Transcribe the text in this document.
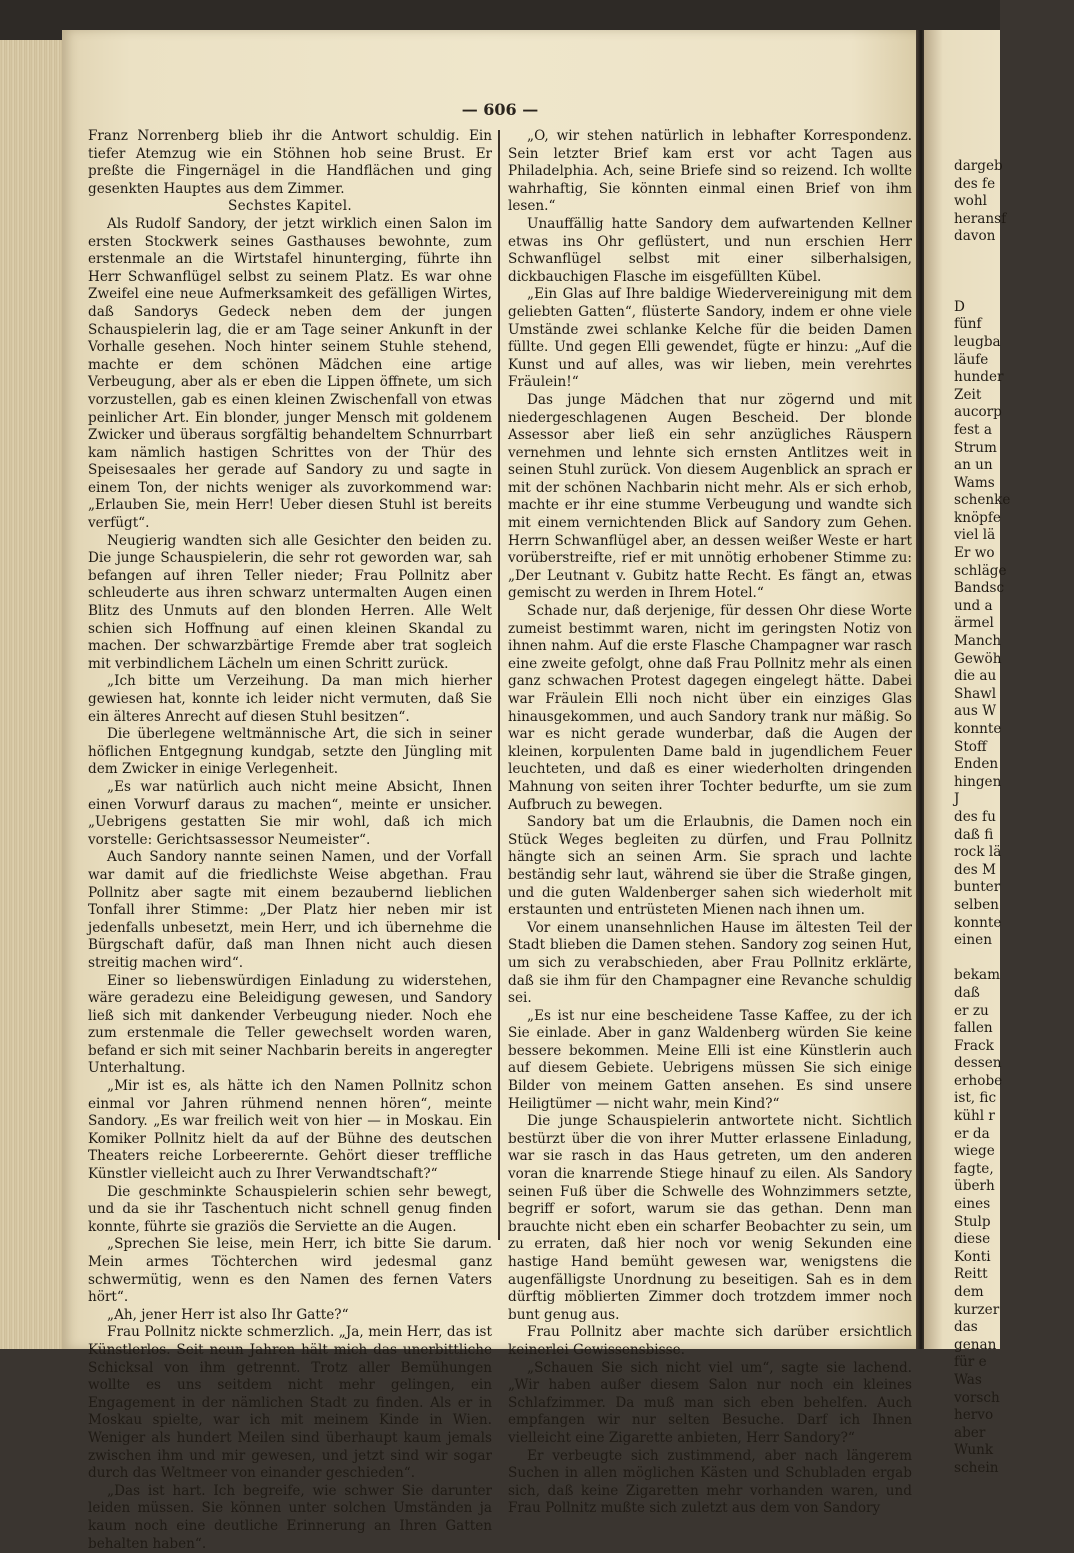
dargeb
des fe
wohl
heransf
davon

D
fünf
leugba
läufe
hunder
Zeit
aucorp
fest a
Strum
an un
Wams
schenke
knöpfe
viel lä
Er wo
schläge
Bandsc
und a
ärmel
Manch
Gewöh
die au
Shawl
aus W
konnte
Stoff
Enden
hingen
J
des fu
daß fi
rock lä
des M
bunter
selben
konnte
einen

bekam
daß
er zu
fallen
Frack
dessen
erhobe
ist, fic
kühl r
er da
wiege
fagte,
überh
eines
Stulp
diese
Konti
Reitt
dem
kurzer
das
genan
für e
Was
vorsch
hervo
aber
Wunk
schein
— 606 —

Franz Norrenberg blieb ihr die Antwort schuldig. Ein tiefer Atemzug wie ein Stöhnen hob seine Brust. Er preßte die Fingernägel in die Handflächen und ging gesenkten Hauptes aus dem Zimmer.

Sechstes Kapitel.

Als Rudolf Sandory, der jetzt wirklich einen Salon im ersten Stockwerk seines Gasthauses bewohnte, zum erstenmale an die Wirtstafel hinunterging, führte ihn Herr Schwanflügel selbst zu seinem Platz. Es war ohne Zweifel eine neue Aufmerksamkeit des gefälligen Wirtes, daß Sandorys Gedeck neben dem der jungen Schauspielerin lag, die er am Tage seiner Ankunft in der Vorhalle gesehen. Noch hinter seinem Stuhle stehend, machte er dem schönen Mädchen eine artige Verbeugung, aber als er eben die Lippen öffnete, um sich vorzustellen, gab es einen kleinen Zwischenfall von etwas peinlicher Art. Ein blonder, junger Mensch mit goldenem Zwicker und überaus sorgfältig behandeltem Schnurrbart kam nämlich hastigen Schrittes von der Thür des Speisesaales her gerade auf Sandory zu und sagte in einem Ton, der nichts weniger als zuvorkommend war: „Erlauben Sie, mein Herr! Ueber diesen Stuhl ist bereits verfügt“.

Neugierig wandten sich alle Gesichter den beiden zu. Die junge Schauspielerin, die sehr rot geworden war, sah befangen auf ihren Teller nieder; Frau Pollnitz aber schleuderte aus ihren schwarz untermalten Augen einen Blitz des Unmuts auf den blonden Herren. Alle Welt schien sich Hoffnung auf einen kleinen Skandal zu machen. Der schwarzbärtige Fremde aber trat sogleich mit verbindlichem Lächeln um einen Schritt zurück.

„Ich bitte um Verzeihung. Da man mich hierher gewiesen hat, konnte ich leider nicht vermuten, daß Sie ein älteres Anrecht auf diesen Stuhl besitzen“.

Die überlegene weltmännische Art, die sich in seiner höflichen Entgegnung kundgab, setzte den Jüngling mit dem Zwicker in einige Verlegenheit.

„Es war natürlich auch nicht meine Absicht, Ihnen einen Vorwurf daraus zu machen“, meinte er unsicher. „Uebrigens gestatten Sie mir wohl, daß ich mich vorstelle: Gerichtsassessor Neumeister“.

Auch Sandory nannte seinen Namen, und der Vorfall war damit auf die friedlichste Weise abgethan. Frau Pollnitz aber sagte mit einem bezaubernd lieblichen Tonfall ihrer Stimme: „Der Platz hier neben mir ist jedenfalls unbesetzt, mein Herr, und ich übernehme die Bürgschaft dafür, daß man Ihnen nicht auch diesen streitig machen wird“.

Einer so liebenswürdigen Einladung zu widerstehen, wäre geradezu eine Beleidigung gewesen, und Sandory ließ sich mit dankender Verbeugung nieder. Noch ehe zum erstenmale die Teller gewechselt worden waren, befand er sich mit seiner Nachbarin bereits in angeregter Unterhaltung.

„Mir ist es, als hätte ich den Namen Pollnitz schon einmal vor Jahren rühmend nennen hören“, meinte Sandory. „Es war freilich weit von hier — in Moskau. Ein Komiker Pollnitz hielt da auf der Bühne des deutschen Theaters reiche Lorbeerernte. Gehört dieser treffliche Künstler vielleicht auch zu Ihrer Verwandtschaft?“

Die geschminkte Schauspielerin schien sehr bewegt, und da sie ihr Taschentuch nicht schnell genug finden konnte, führte sie graziös die Serviette an die Augen.

„Sprechen Sie leise, mein Herr, ich bitte Sie darum. Mein armes Töchterchen wird jedesmal ganz schwermütig, wenn es den Namen des fernen Vaters hört“.

„Ah, jener Herr ist also Ihr Gatte?“

Frau Pollnitz nickte schmerzlich. „Ja, mein Herr, das ist Künstlerlos. Seit neun Jahren hält mich das unerbittliche Schicksal von ihm getrennt. Trotz aller Bemühungen wollte es uns seitdem nicht mehr gelingen, ein Engagement in der nämlichen Stadt zu finden. Als er in Moskau spielte, war ich mit meinem Kinde in Wien. Weniger als hundert Meilen sind überhaupt kaum jemals zwischen ihm und mir gewesen, und jetzt sind wir sogar durch das Weltmeer von einander geschieden“.

„Das ist hart. Ich begreife, wie schwer Sie darunter leiden müssen. Sie können unter solchen Umständen ja kaum noch eine deutliche Erinnerung an Ihren Gatten behalten haben“.

„O, wir stehen natürlich in lebhafter Korrespondenz. Sein letzter Brief kam erst vor acht Tagen aus Philadelphia. Ach, seine Briefe sind so reizend. Ich wollte wahrhaftig, Sie könnten einmal einen Brief von ihm lesen.“

Unauffällig hatte Sandory dem aufwartenden Kellner etwas ins Ohr geflüstert, und nun erschien Herr Schwanflügel selbst mit einer silberhalsigen, dickbauchigen Flasche im eisgefüllten Kübel.

„Ein Glas auf Ihre baldige Wiedervereinigung mit dem geliebten Gatten“, flüsterte Sandory, indem er ohne viele Umstände zwei schlanke Kelche für die beiden Damen füllte. Und gegen Elli gewendet, fügte er hinzu: „Auf die Kunst und auf alles, was wir lieben, mein verehrtes Fräulein!“

Das junge Mädchen that nur zögernd und mit niedergeschlagenen Augen Bescheid. Der blonde Assessor aber ließ ein sehr anzügliches Räuspern vernehmen und lehnte sich ernsten Antlitzes weit in seinen Stuhl zurück. Von diesem Augenblick an sprach er mit der schönen Nachbarin nicht mehr. Als er sich erhob, machte er ihr eine stumme Verbeugung und wandte sich mit einem vernichtenden Blick auf Sandory zum Gehen. Herrn Schwanflügel aber, an dessen weißer Weste er hart vorüberstreifte, rief er mit unnötig erhobener Stimme zu: „Der Leutnant v. Gubitz hatte Recht. Es fängt an, etwas gemischt zu werden in Ihrem Hotel.“

Schade nur, daß derjenige, für dessen Ohr diese Worte zumeist bestimmt waren, nicht im geringsten Notiz von ihnen nahm. Auf die erste Flasche Champagner war rasch eine zweite gefolgt, ohne daß Frau Pollnitz mehr als einen ganz schwachen Protest dagegen eingelegt hätte. Dabei war Fräulein Elli noch nicht über ein einziges Glas hinausgekommen, und auch Sandory trank nur mäßig. So war es nicht gerade wunderbar, daß die Augen der kleinen, korpulenten Dame bald in jugendlichem Feuer leuchteten, und daß es einer wiederholten dringenden Mahnung von seiten ihrer Tochter bedurfte, um sie zum Aufbruch zu bewegen.

Sandory bat um die Erlaubnis, die Damen noch ein Stück Weges begleiten zu dürfen, und Frau Pollnitz hängte sich an seinen Arm. Sie sprach und lachte beständig sehr laut, während sie über die Straße gingen, und die guten Waldenberger sahen sich wiederholt mit erstaunten und entrüsteten Mienen nach ihnen um.

Vor einem unansehnlichen Hause im ältesten Teil der Stadt blieben die Damen stehen. Sandory zog seinen Hut, um sich zu verabschieden, aber Frau Pollnitz erklärte, daß sie ihm für den Champagner eine Revanche schuldig sei.

„Es ist nur eine bescheidene Tasse Kaffee, zu der ich Sie einlade. Aber in ganz Waldenberg würden Sie keine bessere bekommen. Meine Elli ist eine Künstlerin auch auf diesem Gebiete. Uebrigens müssen Sie sich einige Bilder von meinem Gatten ansehen. Es sind unsere Heiligtümer — nicht wahr, mein Kind?“

Die junge Schauspielerin antwortete nicht. Sichtlich bestürzt über die von ihrer Mutter erlassene Einladung, war sie rasch in das Haus getreten, um den anderen voran die knarrende Stiege hinauf zu eilen. Als Sandory seinen Fuß über die Schwelle des Wohnzimmers setzte, begriff er sofort, warum sie das gethan. Denn man brauchte nicht eben ein scharfer Beobachter zu sein, um zu erraten, daß hier noch vor wenig Sekunden eine hastige Hand bemüht gewesen war, wenigstens die augenfälligste Unordnung zu beseitigen. Sah es in dem dürftig möblierten Zimmer doch trotzdem immer noch bunt genug aus.

Frau Pollnitz aber machte sich darüber ersichtlich keinerlei Gewissensbisse.

„Schauen Sie sich nicht viel um“, sagte sie lachend. „Wir haben außer diesem Salon nur noch ein kleines Schlafzimmer. Da muß man sich eben behelfen. Auch empfangen wir nur selten Besuche. Darf ich Ihnen vielleicht eine Zigarette anbieten, Herr Sandory?“

Er verbeugte sich zustimmend, aber nach längerem Suchen in allen möglichen Kästen und Schubladen ergab sich, daß keine Zigaretten mehr vorhanden waren, und Frau Pollnitz mußte sich zuletzt aus dem von Sandory
